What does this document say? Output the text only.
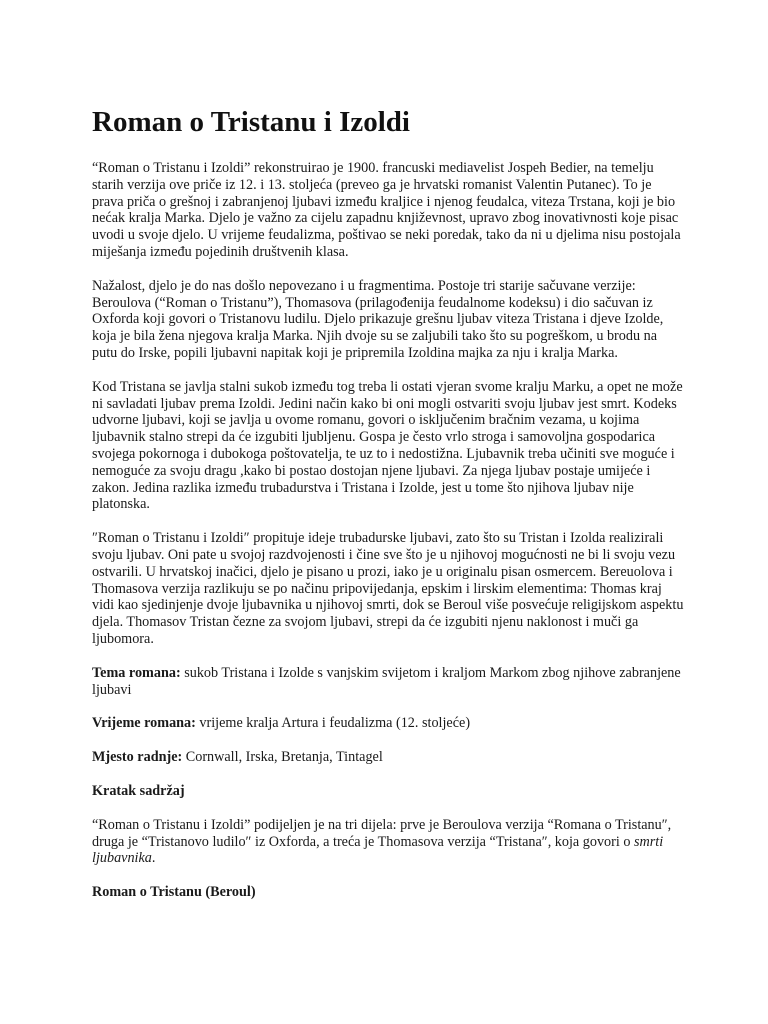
Roman o Tristanu i Izoldi

“Roman o Tristanu i Izoldi” rekonstruirao je 1900. francuski mediavelist Jospeh Bedier, na temelju starih verzija ove priče iz 12. i 13. stoljeća (preveo ga je hrvatski romanist Valentin Putanec). To je prava priča o grešnoj i zabranjenoj ljubavi između kraljice i njenog feudalca, viteza Trstana, koji je bio nećak kralja Marka. Djelo je važno za cijelu zapadnu književnost, upravo zbog inovativnosti koje pisac uvodi u svoje djelo. U vrijeme feudalizma, poštivao se neki poredak, tako da ni u djelima nisu postojala miješanja između pojedinih društvenih klasa.

Nažalost, djelo je do nas došlo nepovezano i u fragmentima. Postoje tri starije sačuvane verzije: Beroulova (“Roman o Tristanu”), Thomasova (prilagođenija feudalnome kodeksu) i dio sačuvan iz Oxforda koji govori o Tristanovu ludilu. Djelo prikazuje grešnu ljubav viteza Tristana i djeve Izolde, koja je bila žena njegova kralja Marka. Njih dvoje su se zaljubili tako što su pogreškom, u brodu na putu do Irske, popili ljubavni napitak koji je pripremila Izoldina majka za nju i kralja Marka.

Kod Tristana se javlja stalni sukob između tog treba li ostati vjeran svome kralju Marku, a opet ne može ni savladati ljubav prema Izoldi. Jedini način kako bi oni mogli ostvariti svoju ljubav jest smrt. Kodeks udvorne ljubavi, koji se javlja u ovome romanu, govori o isključenim bračnim vezama, u kojima ljubavnik stalno strepi da će izgubiti ljubljenu. Gospa je često vrlo stroga i samovoljna gospodarica svojega pokornoga i dubokoga poštovatelja, te uz to i nedostižna. Ljubavnik treba učiniti sve moguće i nemoguće za svoju dragu ,kako bi postao dostojan njene ljubavi. Za njega ljubav postaje umijeće i zakon. Jedina razlika između trubadurstva i Tristana i Izolde, jest u tome što njihova ljubav nije platonska.

″Roman o Tristanu i Izoldi″ propituje ideje trubadurske ljubavi, zato što su Tristan i Izolda realizirali svoju ljubav. Oni pate u svojoj razdvojenosti i čine sve što je u njihovoj mogućnosti ne bi li svoju vezu ostvarili. U hrvatskoj inačici, djelo je pisano u prozi, iako je u originalu pisan osmercem. Bereuolova i Thomasova verzija razlikuju se po načinu pripovijedanja, epskim i lirskim elementima: Thomas kraj vidi kao sjedinjenje dvoje ljubavnika u njihovoj smrti, dok se Beroul više posvećuje religijskom aspektu djela. Thomasov Tristan čezne za svojom ljubavi, strepi da će izgubiti njenu naklonost i muči ga ljubomora.

Tema romana: sukob Tristana i Izolde s vanjskim svijetom i kraljom Markom zbog njihove zabranjene ljubavi

Vrijeme romana: vrijeme kralja Artura i feudalizma (12. stoljeće)

Mjesto radnje: Cornwall, Irska, Bretanja, Tintagel

Kratak sadržaj

“Roman o Tristanu i Izoldi” podijeljen je na tri dijela: prve je Beroulova verzija “Romana o Tristanu″, druga je “Tristanovo ludilo″ iz Oxforda, a treća je Thomasova verzija “Tristana″, koja govori o smrti ljubavnika.

Roman o Tristanu (Beroul)
